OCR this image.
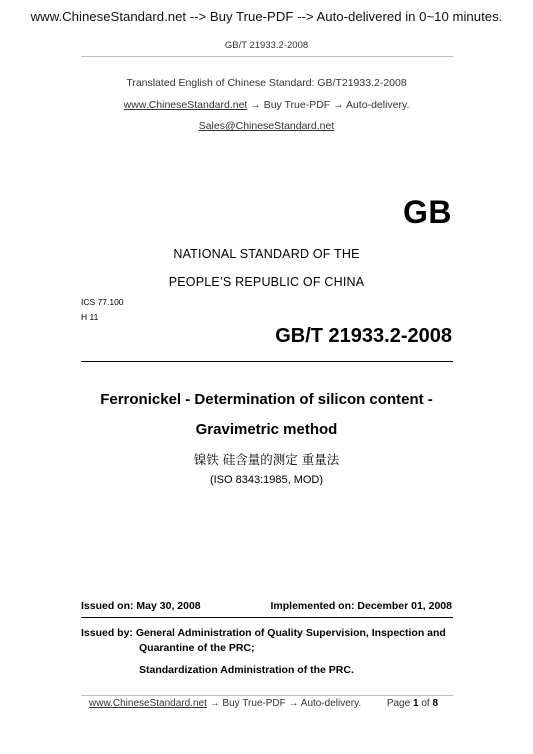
www.ChineseStandard.net --> Buy True-PDF --> Auto-delivered in 0~10 minutes.
GB/T 21933.2-2008
Translated English of Chinese Standard: GB/T21933.2-2008
www.ChineseStandard.net → Buy True-PDF → Auto-delivery.
Sales@ChineseStandard.net
GB
NATIONAL STANDARD OF THE
PEOPLE’S REPUBLIC OF CHINA
ICS 77.100
H 11
GB/T 21933.2-2008
Ferronickel - Determination of silicon content -
Gravimetric method
镍铁 硅含量的测定 重量法
(ISO 8343:1985, MOD)
Issued on: May 30, 2008	Implemented on: December 01, 2008
Issued by: General Administration of Quality Supervision, Inspection and
Quarantine of the PRC;
Standardization Administration of the PRC.
www.ChineseStandard.net → Buy True-PDF → Auto-delivery.	Page 1 of 8
